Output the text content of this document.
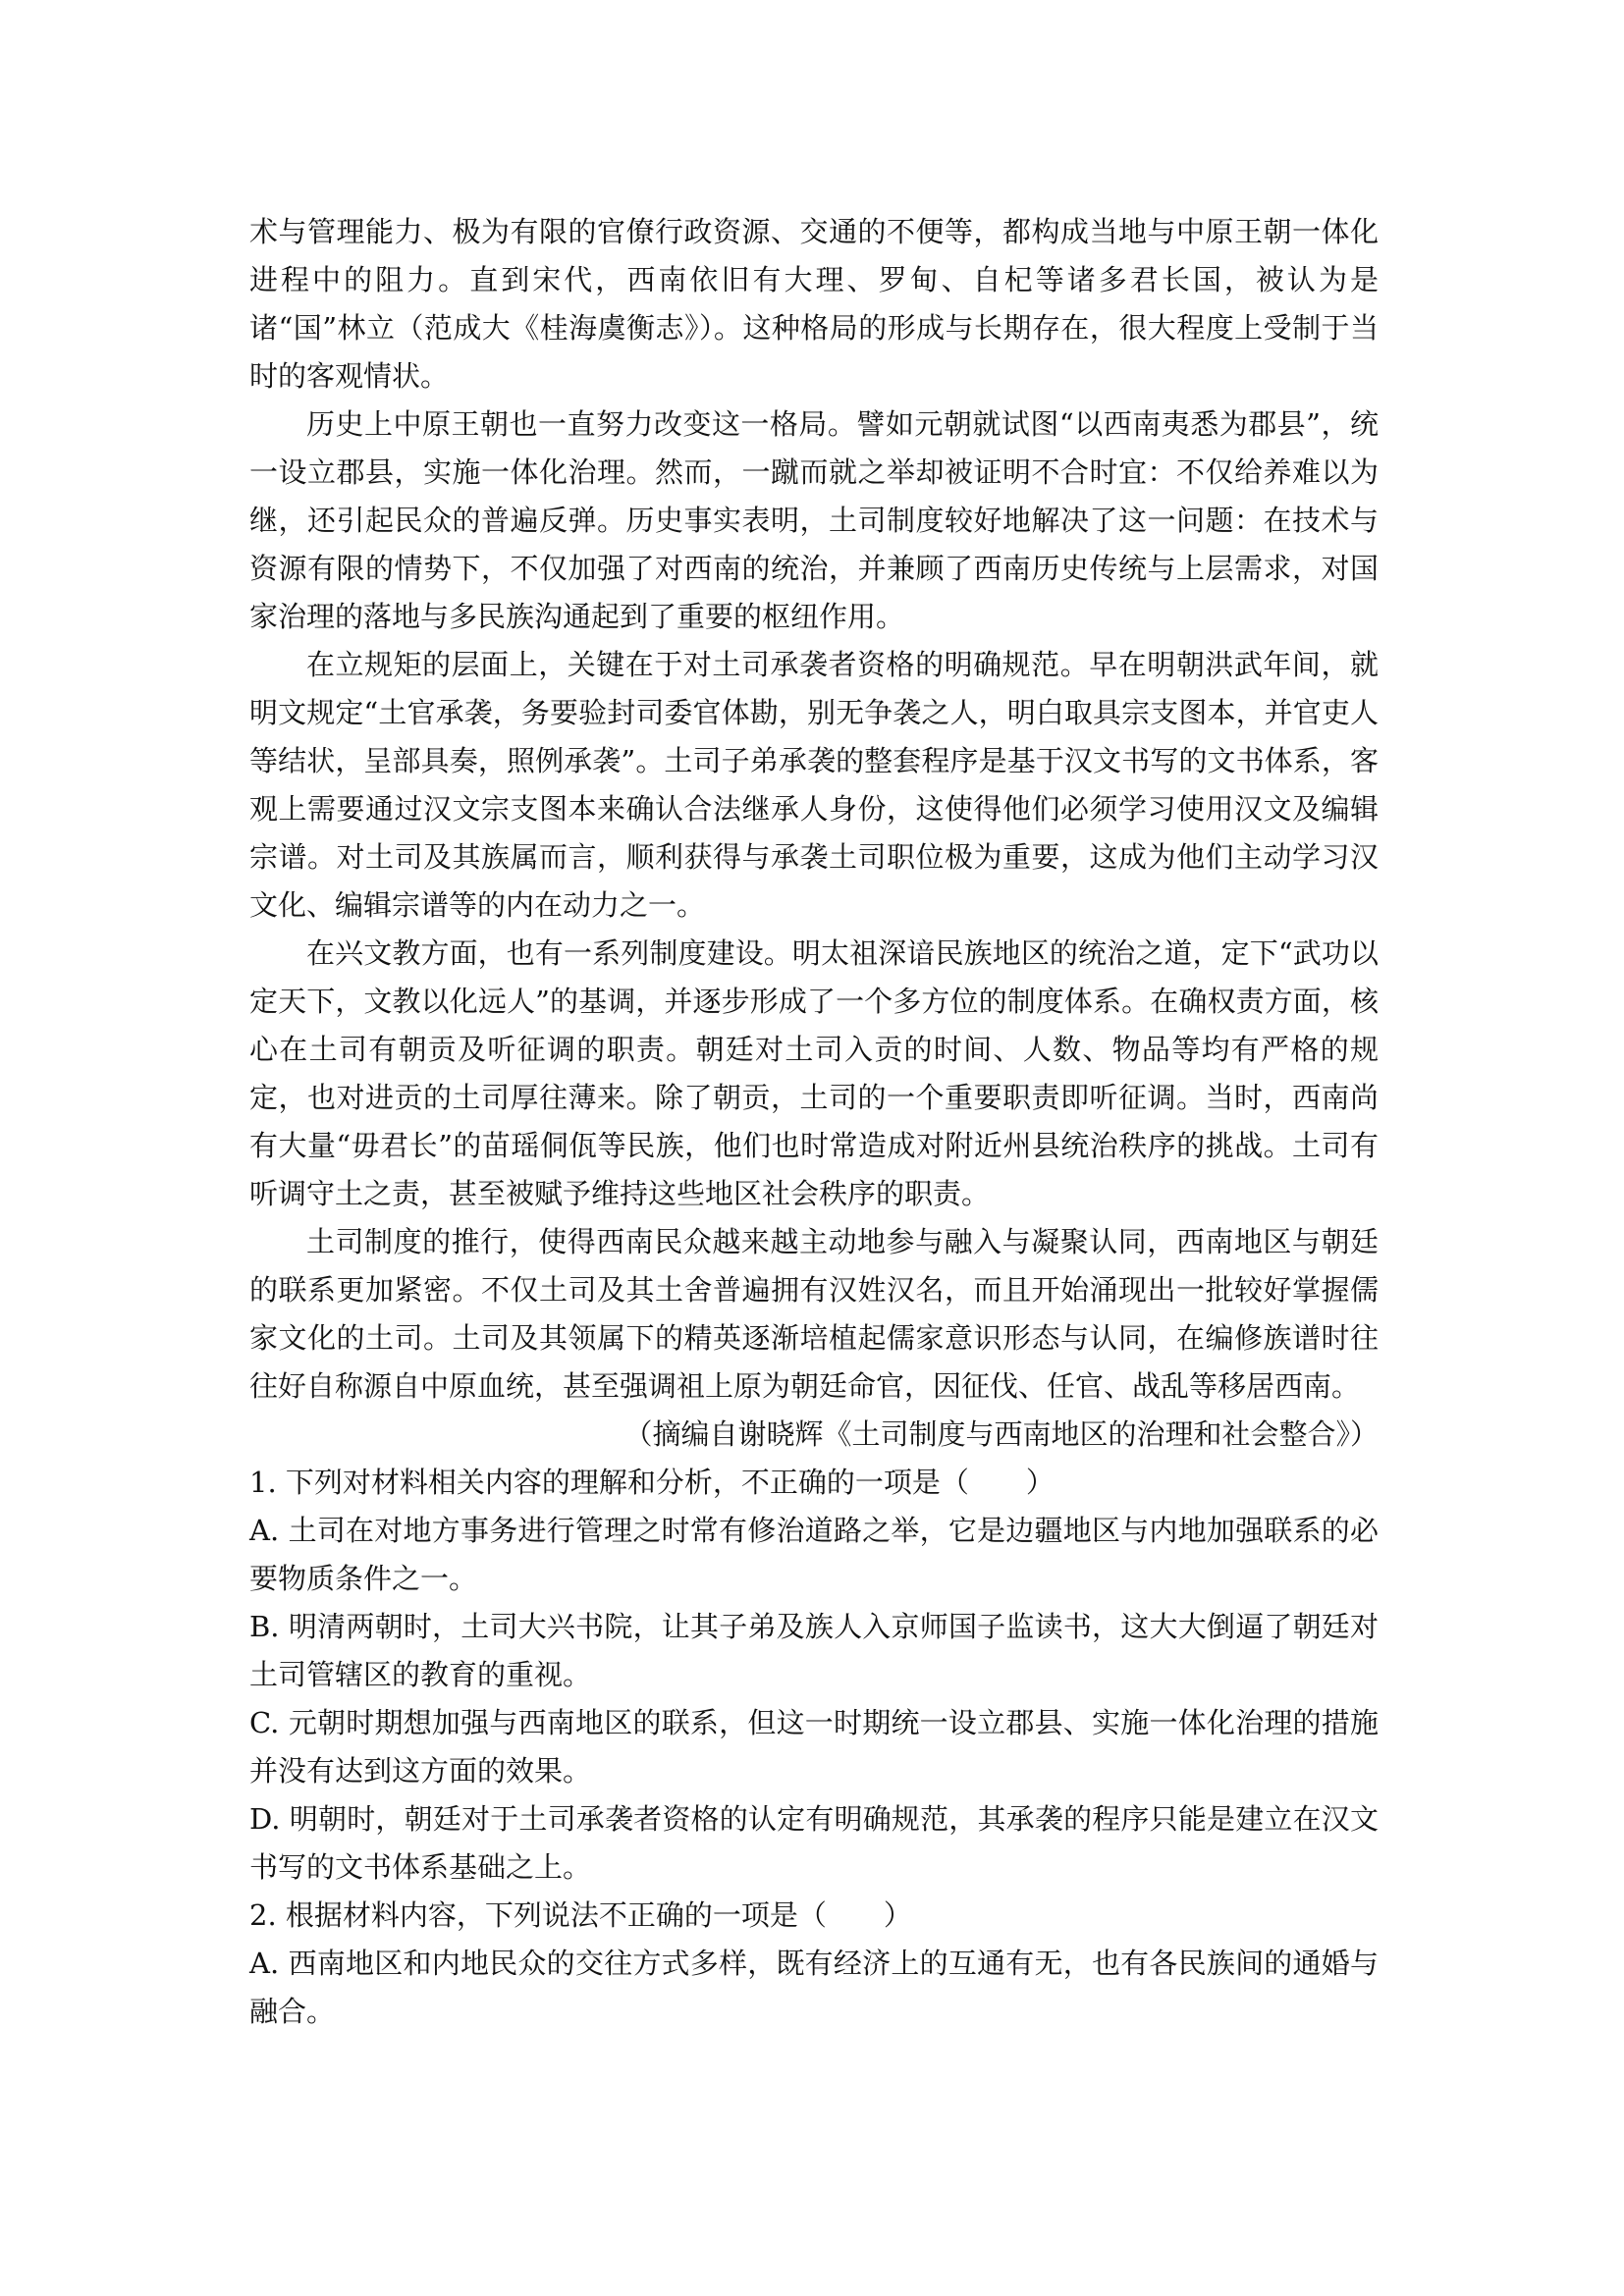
术与管理能力、极为有限的官僚行政资源、交通的不便等，都构成当地与中原王朝一体化进程中的阻力。直到宋代，西南依旧有大理、罗甸、自杞等诸多君长国，被认为是诸“国”林立（范成大《桂海虞衡志》）。这种格局的形成与长期存在，很大程度上受制于当时的客观情状。

历史上中原王朝也一直努力改变这一格局。譬如元朝就试图“以西南夷悉为郡县”，统一设立郡县，实施一体化治理。然而，一蹴而就之举却被证明不合时宜：不仅给养难以为继，还引起民众的普遍反弹。历史事实表明，土司制度较好地解决了这一问题：在技术与资源有限的情势下，不仅加强了对西南的统治，并兼顾了西南历史传统与上层需求，对国家治理的落地与多民族沟通起到了重要的枢纽作用。

在立规矩的层面上，关键在于对土司承袭者资格的明确规范。早在明朝洪武年间，就明文规定“土官承袭，务要验封司委官体勘，别无争袭之人，明白取具宗支图本，并官吏人等结状，呈部具奏，照例承袭”。土司子弟承袭的整套程序是基于汉文书写的文书体系，客观上需要通过汉文宗支图本来确认合法继承人身份，这使得他们必须学习使用汉文及编辑宗谱。对土司及其族属而言，顺利获得与承袭土司职位极为重要，这成为他们主动学习汉文化、编辑宗谱等的内在动力之一。

在兴文教方面，也有一系列制度建设。明太祖深谙民族地区的统治之道，定下“武功以定天下，文教以化远人”的基调，并逐步形成了一个多方位的制度体系。在确权责方面，核心在土司有朝贡及听征调的职责。朝廷对土司入贡的时间、人数、物品等均有严格的规定，也对进贡的土司厚往薄来。除了朝贡，土司的一个重要职责即听征调。当时，西南尚有大量“毋君长”的苗瑶侗佤等民族，他们也时常造成对附近州县统治秩序的挑战。土司有听调守土之责，甚至被赋予维持这些地区社会秩序的职责。

土司制度的推行，使得西南民众越来越主动地参与融入与凝聚认同，西南地区与朝廷的联系更加紧密。不仅土司及其土舍普遍拥有汉姓汉名，而且开始涌现出一批较好掌握儒家文化的土司。土司及其领属下的精英逐渐培植起儒家意识形态与认同，在编修族谱时往往好自称源自中原血统，甚至强调祖上原为朝廷命官，因征伐、任官、战乱等移居西南。

（摘编自谢晓辉《土司制度与西南地区的治理和社会整合》）

1. 下列对材料相关内容的理解和分析，不正确的一项是（　　）

A. 土司在对地方事务进行管理之时常有修治道路之举，它是边疆地区与内地加强联系的必要物质条件之一。

B. 明清两朝时，土司大兴书院，让其子弟及族人入京师国子监读书，这大大倒逼了朝廷对土司管辖区的教育的重视。

C. 元朝时期想加强与西南地区的联系，但这一时期统一设立郡县、实施一体化治理的措施并没有达到这方面的效果。

D. 明朝时，朝廷对于土司承袭者资格的认定有明确规范，其承袭的程序只能是建立在汉文书写的文书体系基础之上。

2. 根据材料内容，下列说法不正确的一项是（　　）

A. 西南地区和内地民众的交往方式多样，既有经济上的互通有无，也有各民族间的通婚与融合。
